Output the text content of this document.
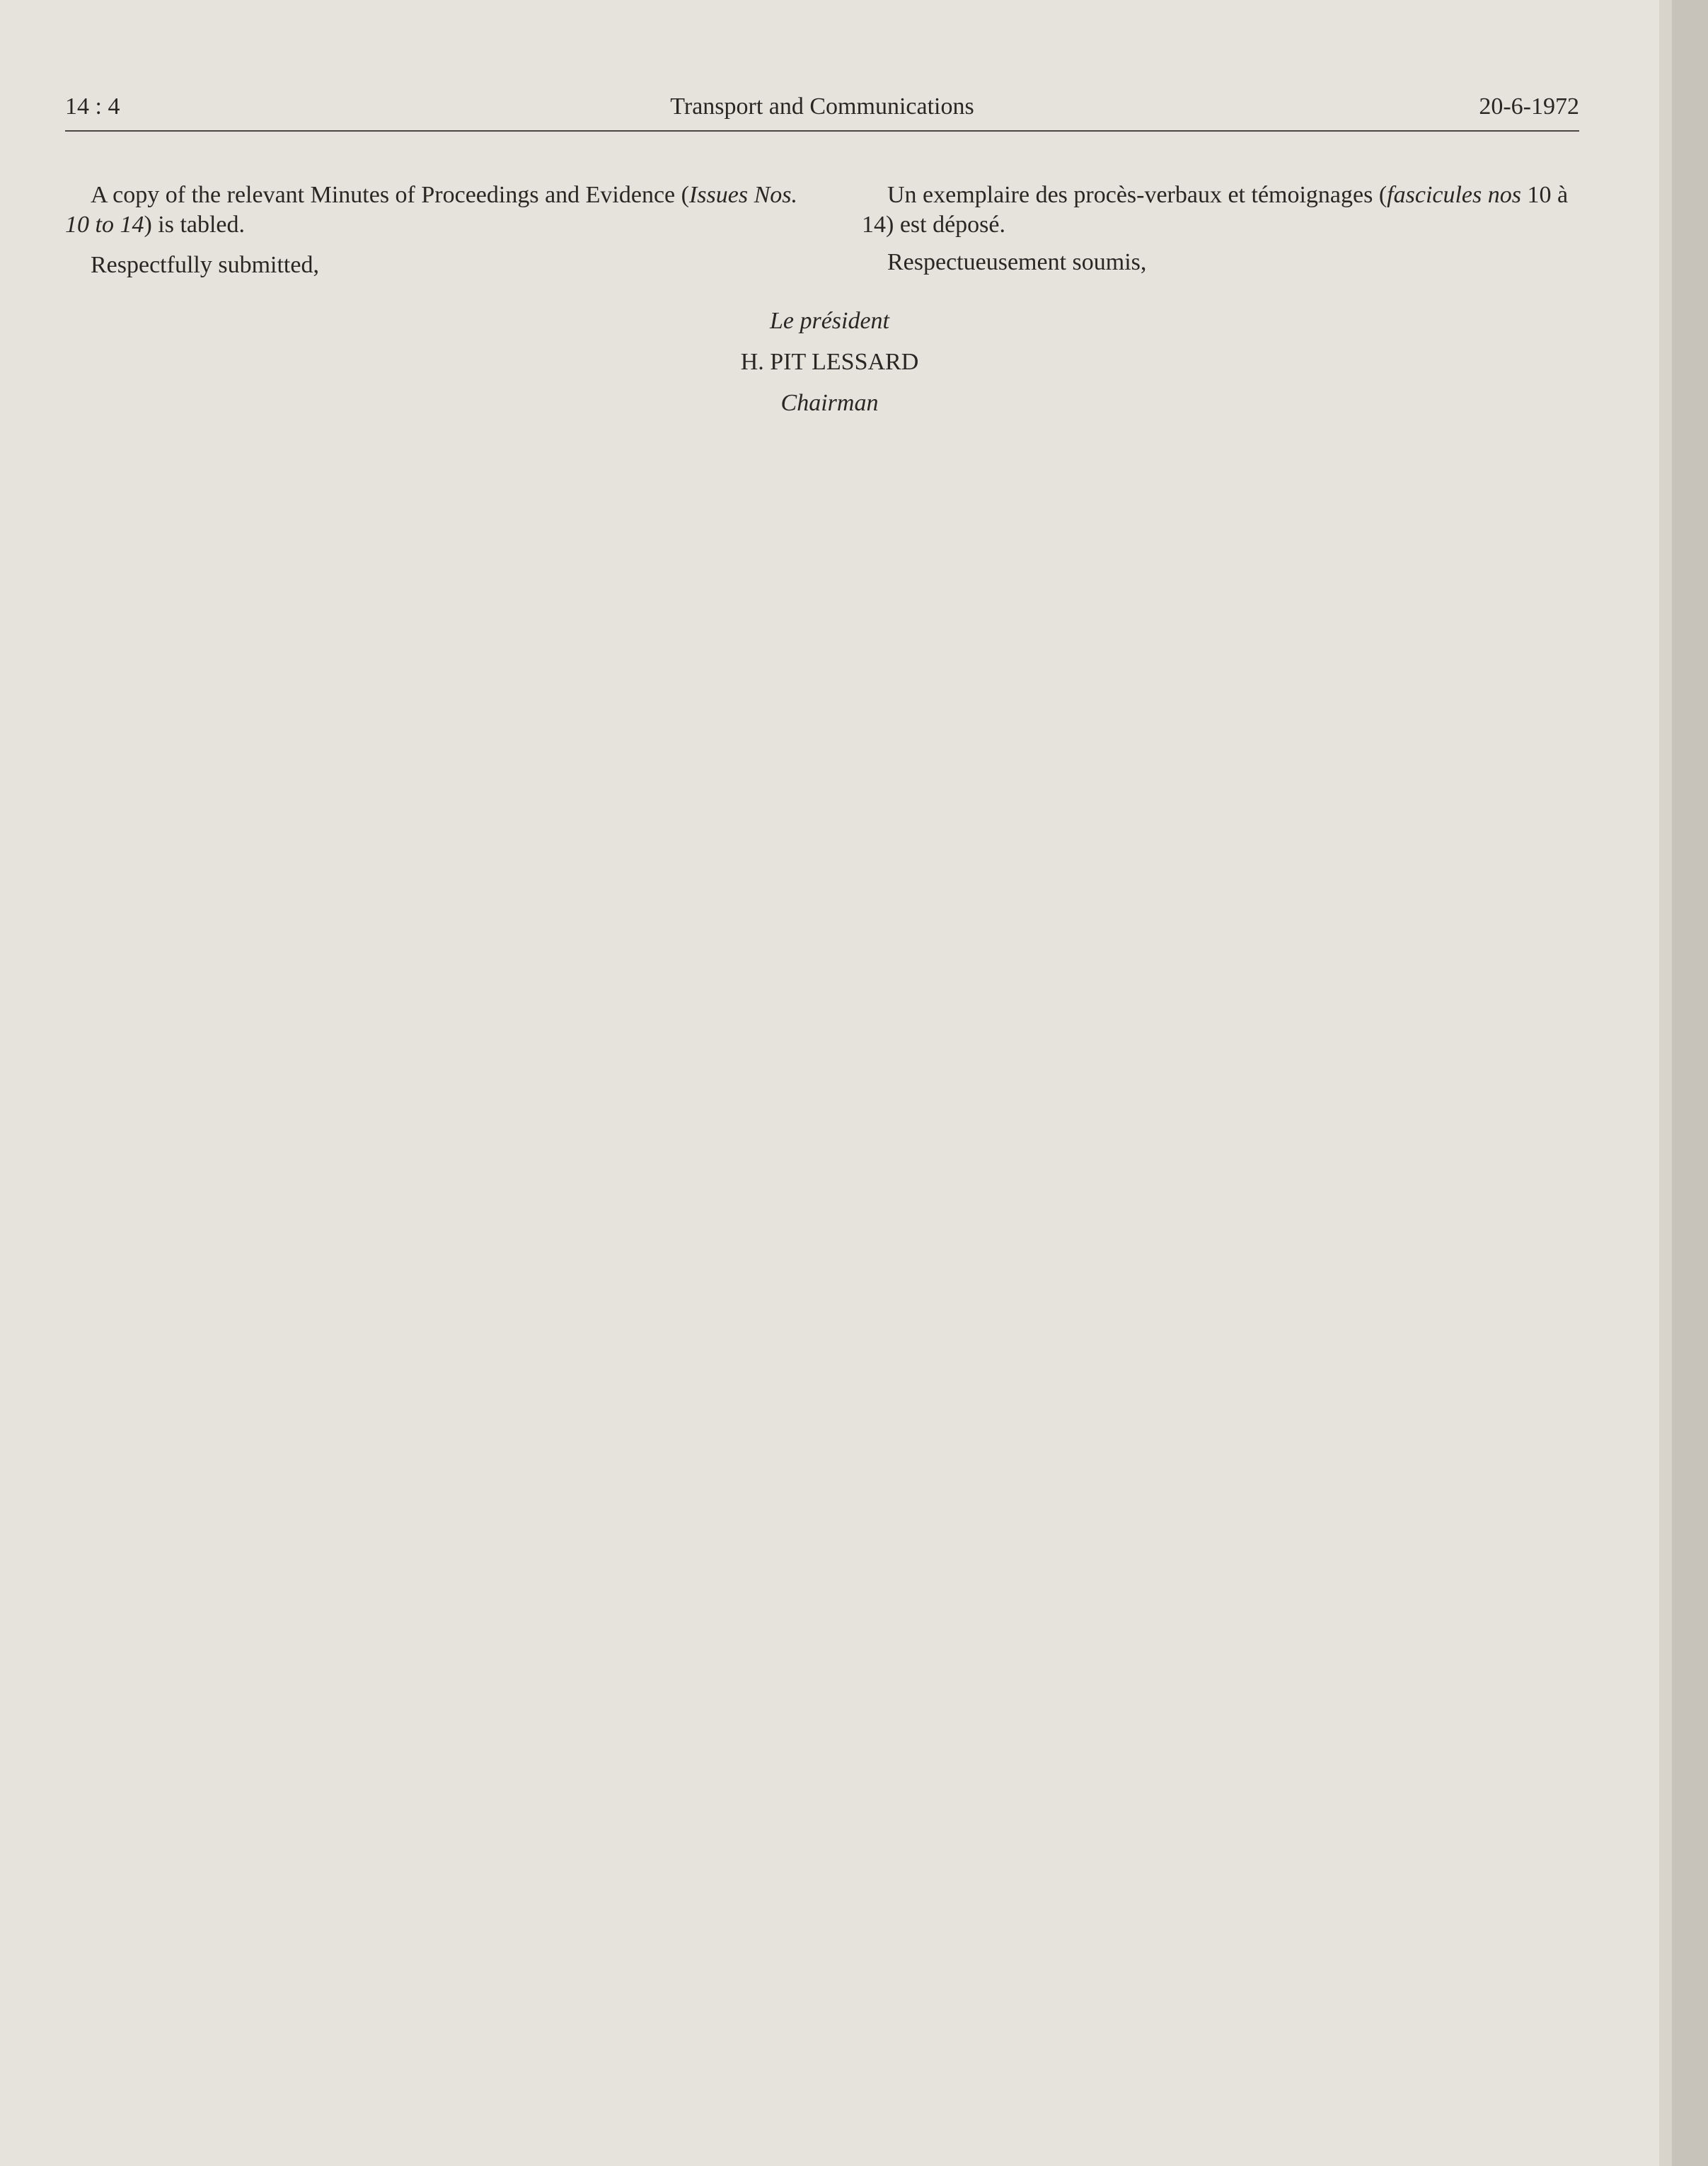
14 : 4	Transport and Communications	20-6-1972

A copy of the relevant Minutes of Proceedings and Evidence (Issues Nos. 10 to 14) is tabled.

Respectfully submitted,

Un exemplaire des procès-verbaux et témoignages (fascicules nos 10 à 14) est déposé.

Respectueusement soumis,

Le président
H. PIT LESSARD
Chairman
